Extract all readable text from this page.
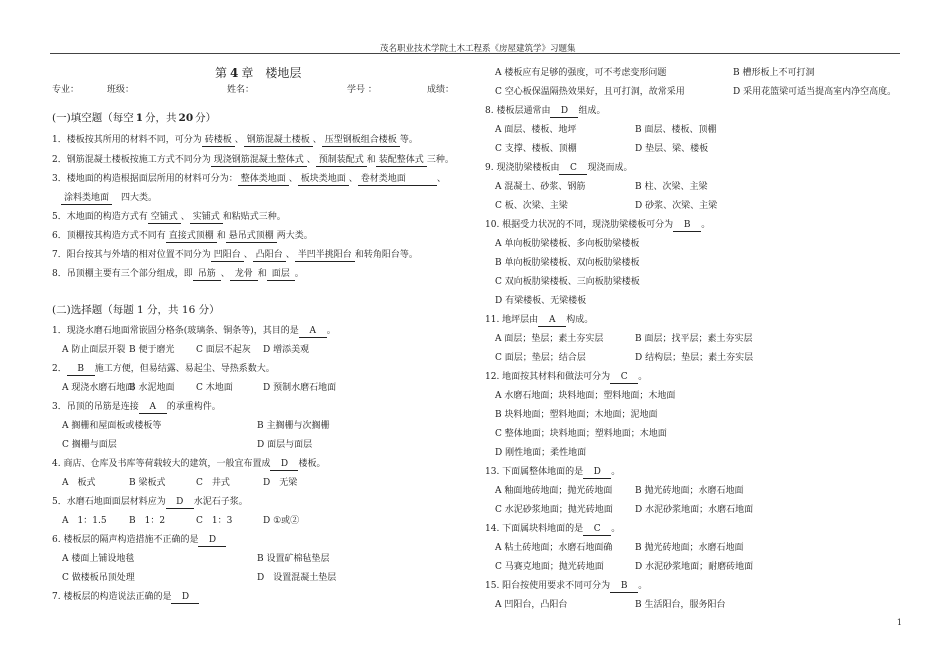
茂名职业技术学院土木工程系《房屋建筑学》习题集
第 4 章　楼地层
专业：	班级：	姓名：	学号 ：	成绩：
(一)填空题（每空 1 分，共 20 分）
1．楼板按其所用的材料不同，可分为 砖楼板 、 钢筋混凝土楼板 、 压型钢板组合楼板 等。
2．钢筋混凝土楼板按施工方式不同分为 现浇钢筋混凝土整体式 、 预制装配式 和 装配整体式 三种。
3．楼地面的构造根据面层所用的材料可分为： 整体类地面 、 板块类地面 、 卷材类地面　　	、
　涂料类地面　四大类。
5．木地面的构造方式有 空铺式 、 实铺式 和粘贴式三种。
6．顶棚按其构造方式不同有 直接式顶棚 和 悬吊式顶棚 两大类。
7．阳台按其与外墙的相对位置不同分为 凹阳台 、 凸阳台 、 半凹半挑阳台 和转角阳台等。
8．吊顶棚主要有三个部分组成，即 吊筋 、 龙骨 和 面层 。
(二)选择题（每题 1 分，共 16 分）
1．现浇水磨石地面常嵌固分格条(玻璃条、铜条等)，其目的是 A 。
A 防止面层开裂 B 便于磨光 C 面层不起灰 D 增添美观
2． B 施工方便，但易结露、易起尘、导热系数大。
A 现浇水磨石地面B 水泥地面 C 木地面	D 预制水磨石地面
3．吊顶的吊筋是连接 A 的承重构件。
A 搁栅和屋面板或楼板等	B 主搁栅与次搁栅
C 搁栅与面层	D 面层与面层
4. 商店、仓库及书库等荷载较大的建筑，一般宜布置成 D 楼板。
A　板式	B 梁板式	C　井式	D　无梁
5．水磨石地面面层材料应为 D 水泥石子浆。
A　1：1.5 B　1：2	C　1：3	D ①或②
6. 楼板层的隔声构造措施不正确的是 D
A 楼面上铺设地毯	B 设置矿棉毡垫层
C 做楼板吊顶处理	D　设置混凝土垫层
7. 楼板层的构造说法正确的是 D
A 楼板应有足够的强度，可不考虑变形问题	B 槽形板上不可打洞
C 空心板保温隔热效果好，且可打洞，故常采用	D 采用花篮梁可适当提高室内净空高度。
8. 楼板层通常由 D 组成。
A 面层、楼板、地坪	B 面层、楼板、顶棚
C 支撑、楼板、顶棚	D 垫层、梁、楼板
9. 现浇肋梁楼板由 C 现浇而成。
A 混凝土、砂浆、钢筋	B 柱、次梁、主梁
C 板、次梁、主梁	D 砂浆、次梁、主梁
10. 根据受力状况的不同，现浇肋梁楼板可分为 B 。
A 单向板肋梁楼板、多向板肋梁楼板
B 单向板肋梁楼板、双向板肋梁楼板
C 双向板肋梁楼板、三向板肋梁楼板
D 有梁楼板、无梁楼板
11. 地坪层由 A 构成。
A 面层；垫层；素土夯实层	B 面层；找平层；素土夯实层
C 面层；垫层；结合层	D 结构层；垫层；素土夯实层
12. 地面按其材料和做法可分为 C 。
A 水磨石地面；块料地面；塑料地面；木地面
B 块料地面；塑料地面；木地面；泥地面
C 整体地面；块料地面；塑料地面；木地面
D 刚性地面；柔性地面
13. 下面属整体地面的是 D 。
A 釉面地砖地面；抛光砖地面	B 抛光砖地面；水磨石地面
C 水泥砂浆地面；抛光砖地面 D 水泥砂浆地面；水磨石地面
14. 下面属块料地面的是 C 。
A 粘土砖地面；水磨石地面确	B 抛光砖地面；水磨石地面
C 马赛克地面；抛光砖地面	D 水泥砂浆地面；耐磨砖地面
15. 阳台按使用要求不同可分为 B 。
A 凹阳台，凸阳台	B 生活阳台，服务阳台
1
